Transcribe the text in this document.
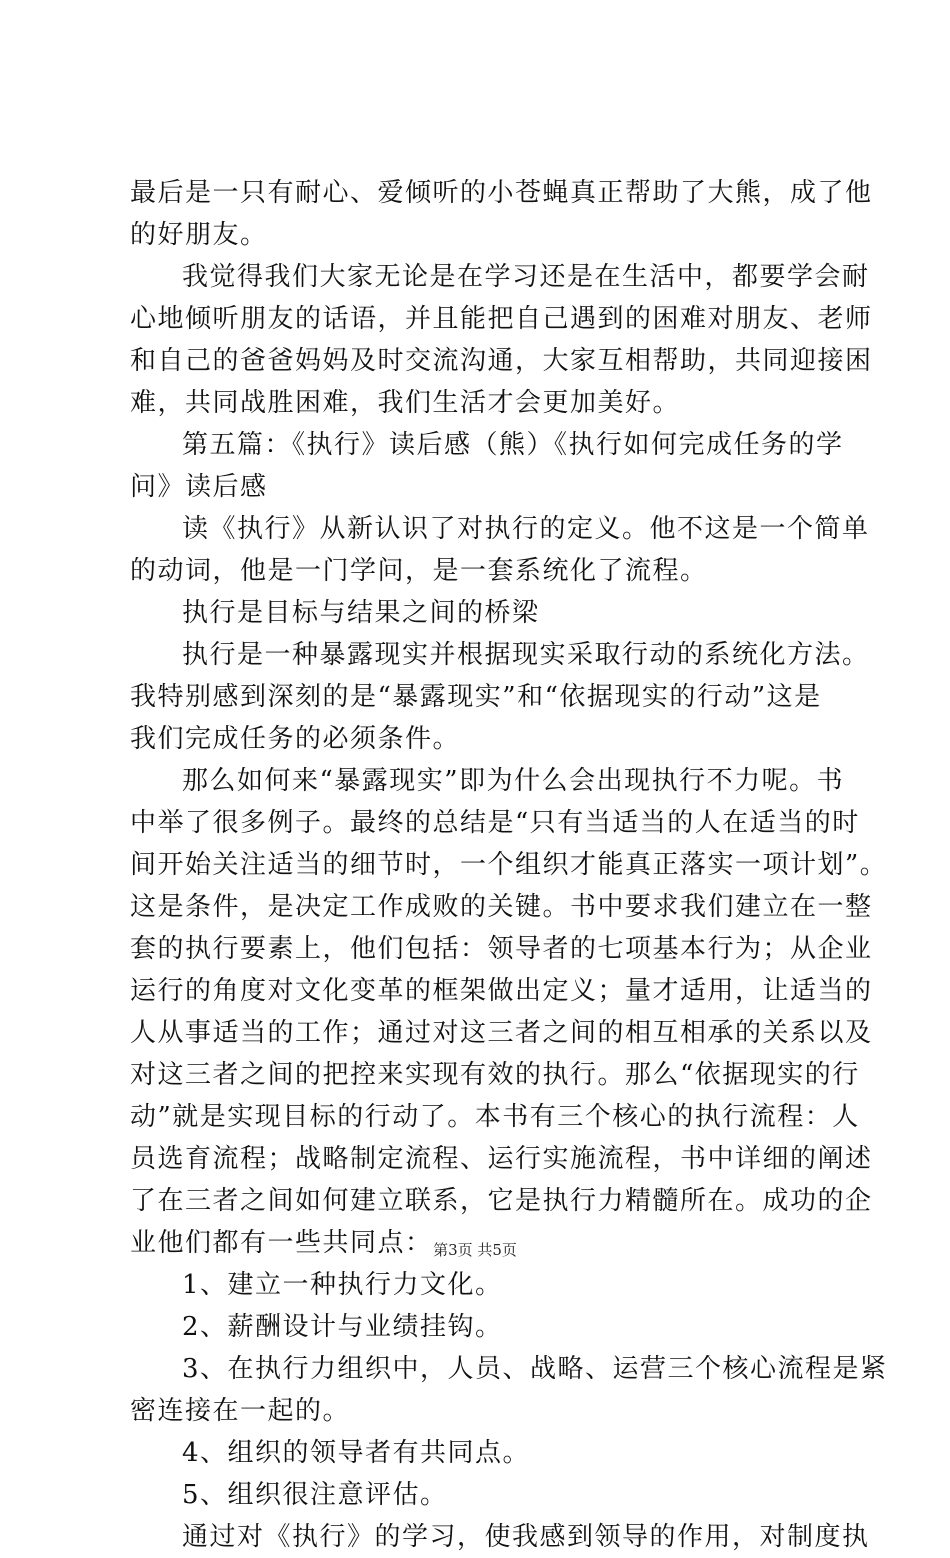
最后是一只有耐心、爱倾听的小苍蝇真正帮助了大熊，成了他
的好朋友。
我觉得我们大家无论是在学习还是在生活中，都要学会耐
心地倾听朋友的话语，并且能把自己遇到的困难对朋友、老师
和自己的爸爸妈妈及时交流沟通，大家互相帮助，共同迎接困
难，共同战胜困难，我们生活才会更加美好。
第五篇：《执行》读后感（熊）《执行如何完成任务的学
问》读后感
读《执行》从新认识了对执行的定义。他不这是一个简单
的动词，他是一门学问，是一套系统化了流程。
执行是目标与结果之间的桥梁
执行是一种暴露现实并根据现实采取行动的系统化方法。
我特别感到深刻的是“暴露现实”和“依据现实的行动”这是
我们完成任务的必须条件。
那么如何来“暴露现实”即为什么会出现执行不力呢。书
中举了很多例子。最终的总结是“只有当适当的人在适当的时
间开始关注适当的细节时，一个组织才能真正落实一项计划”。
这是条件，是决定工作成败的关键。书中要求我们建立在一整
套的执行要素上，他们包括：领导者的七项基本行为；从企业
运行的角度对文化变革的框架做出定义；量才适用，让适当的
人从事适当的工作；通过对这三者之间的相互相承的关系以及
对这三者之间的把控来实现有效的执行。那么“依据现实的行
动”就是实现目标的行动了。本书有三个核心的执行流程：人
员选育流程；战略制定流程、运行实施流程，书中详细的阐述
了在三者之间如何建立联系，它是执行力精髓所在。成功的企
业他们都有一些共同点：
1、建立一种执行力文化。
2、薪酬设计与业绩挂钩。
3、在执行力组织中，人员、战略、运营三个核心流程是紧
密连接在一起的。
4、组织的领导者有共同点。
5、组织很注意评估。
通过对《执行》的学习，使我感到领导的作用，对制度执
第3页 共5页
